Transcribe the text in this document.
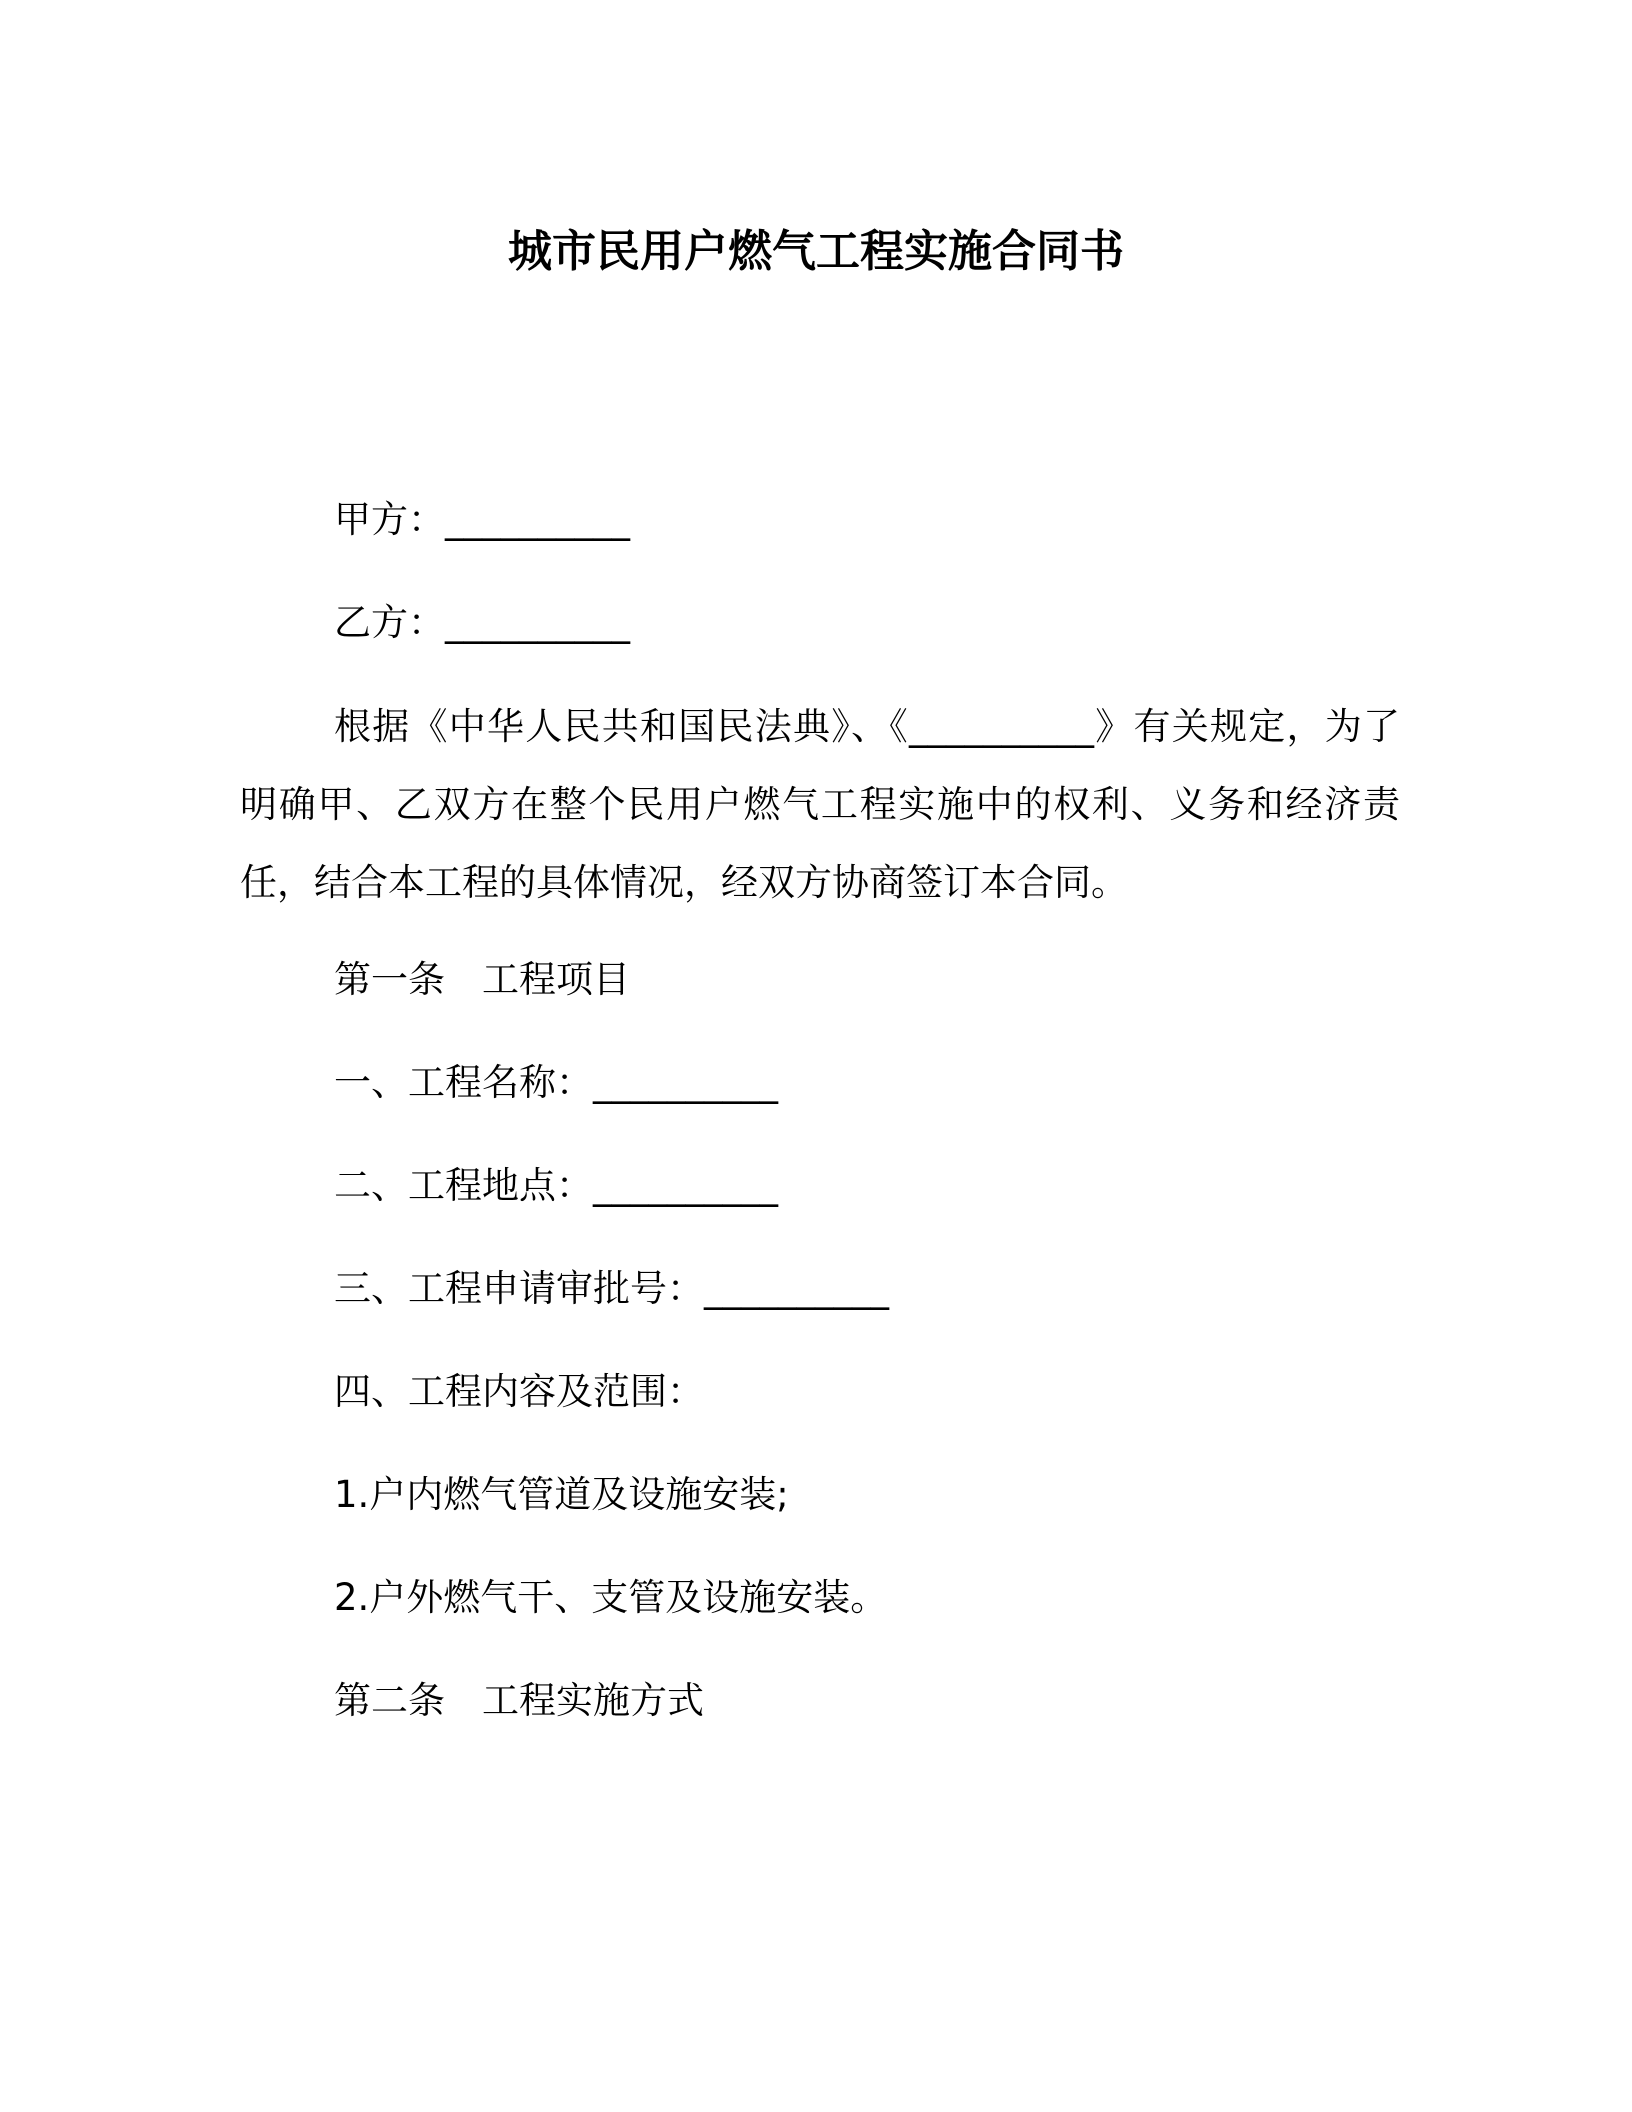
城市民用户燃气工程实施合同书
甲方：__________
乙方：__________
根据《中华人民共和国民法典》、《__________》有关规定，为了明确甲、乙双方在整个民用户燃气工程实施中的权利、义务和经济责任，结合本工程的具体情况，经双方协商签订本合同。
第一条　工程项目
一、工程名称：__________
二、工程地点：__________
三、工程申请审批号：__________
四、工程内容及范围：
1.户内燃气管道及设施安装;
2.户外燃气干、支管及设施安装。
第二条　工程实施方式
